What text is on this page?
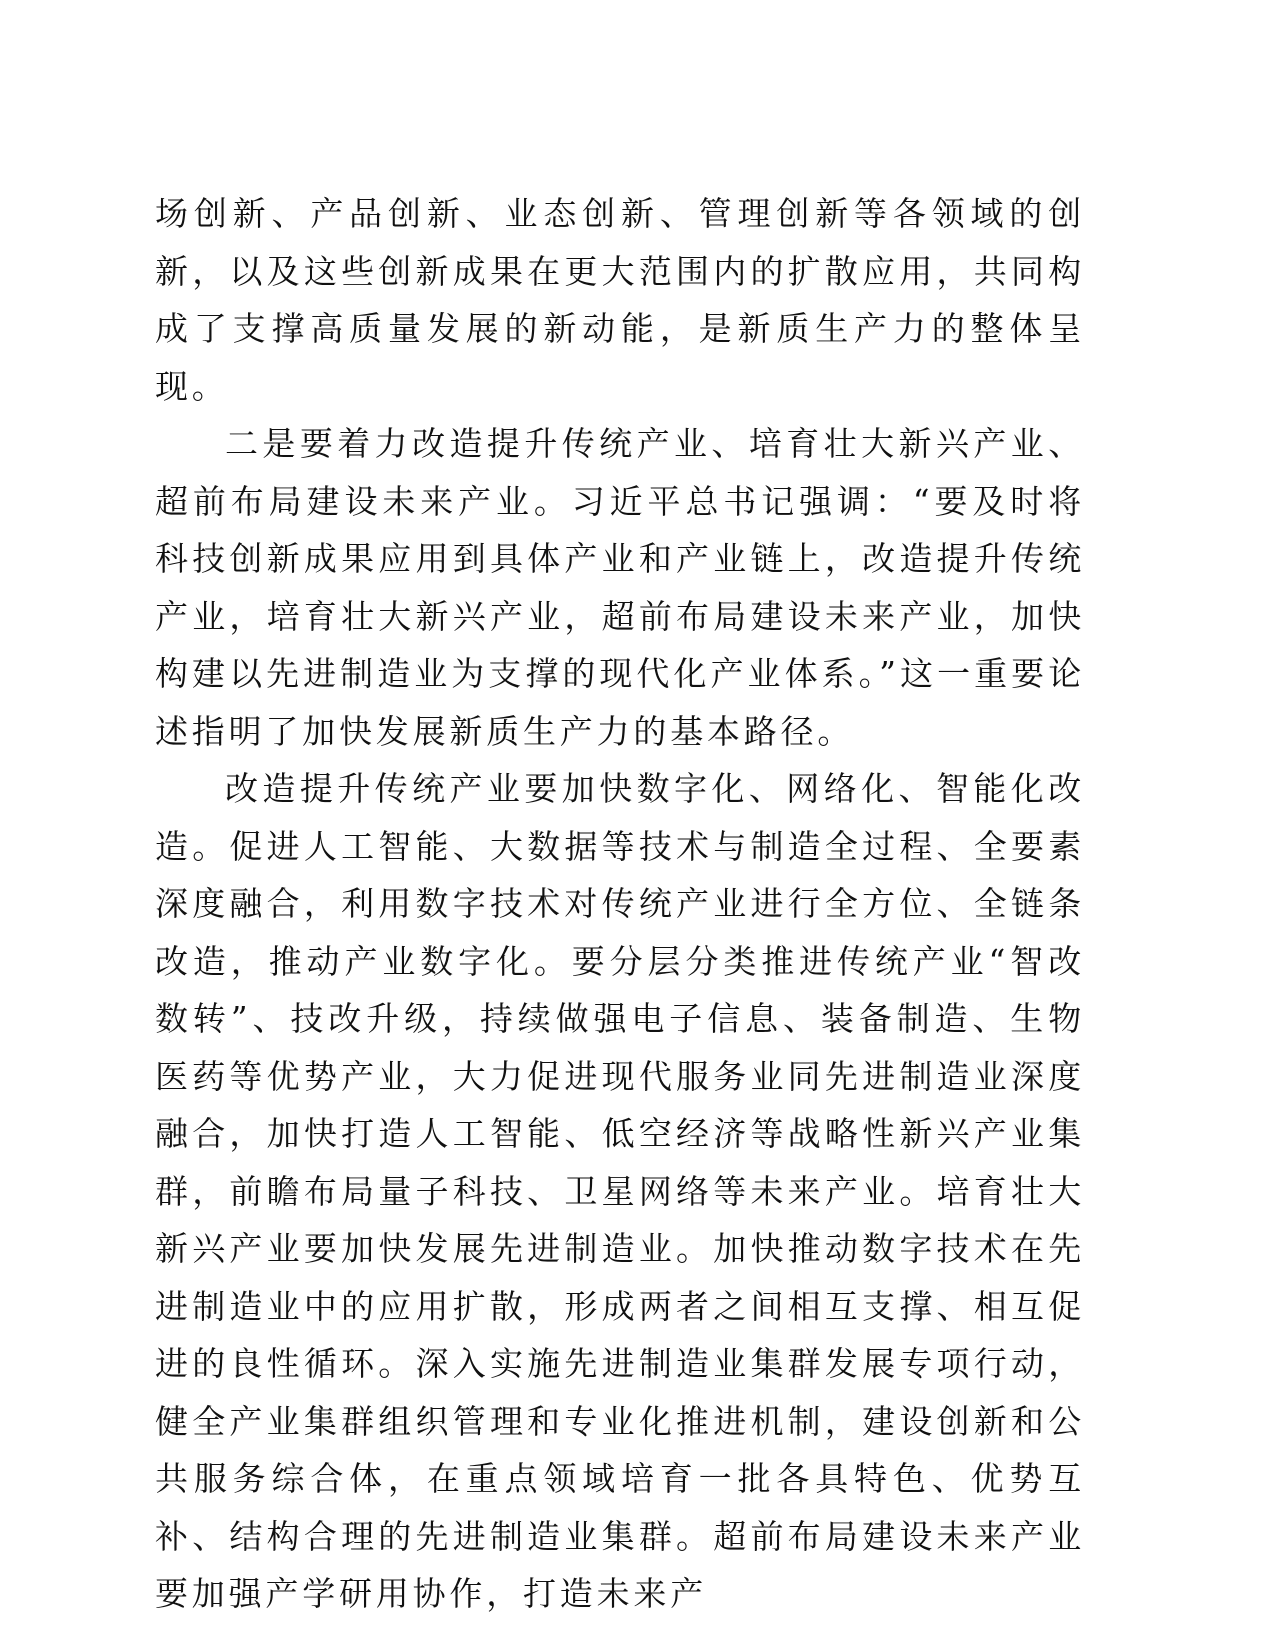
场创新、产品创新、业态创新、管理创新等各领域的创新，以及这些创新成果在更大范围内的扩散应用，共同构成了支撑高质量发展的新动能，是新质生产力的整体呈现。

二是要着力改造提升传统产业、培育壮大新兴产业、超前布局建设未来产业。习近平总书记强调：“要及时将科技创新成果应用到具体产业和产业链上，改造提升传统产业，培育壮大新兴产业，超前布局建设未来产业，加快构建以先进制造业为支撑的现代化产业体系。”这一重要论述指明了加快发展新质生产力的基本路径。

改造提升传统产业要加快数字化、网络化、智能化改造。促进人工智能、大数据等技术与制造全过程、全要素深度融合，利用数字技术对传统产业进行全方位、全链条改造，推动产业数字化。要分层分类推进传统产业“智改数转”、技改升级，持续做强电子信息、装备制造、生物医药等优势产业，大力促进现代服务业同先进制造业深度融合，加快打造人工智能、低空经济等战略性新兴产业集群，前瞻布局量子科技、卫星网络等未来产业。培育壮大新兴产业要加快发展先进制造业。加快推动数字技术在先进制造业中的应用扩散，形成两者之间相互支撑、相互促进的良性循环。深入实施先进制造业集群发展专项行动，健全产业集群组织管理和专业化推进机制，建设创新和公共服务综合体，在重点领域培育一批各具特色、优势互补、结构合理的先进制造业集群。超前布局建设未来产业要加强产学研用协作，打造未来产
